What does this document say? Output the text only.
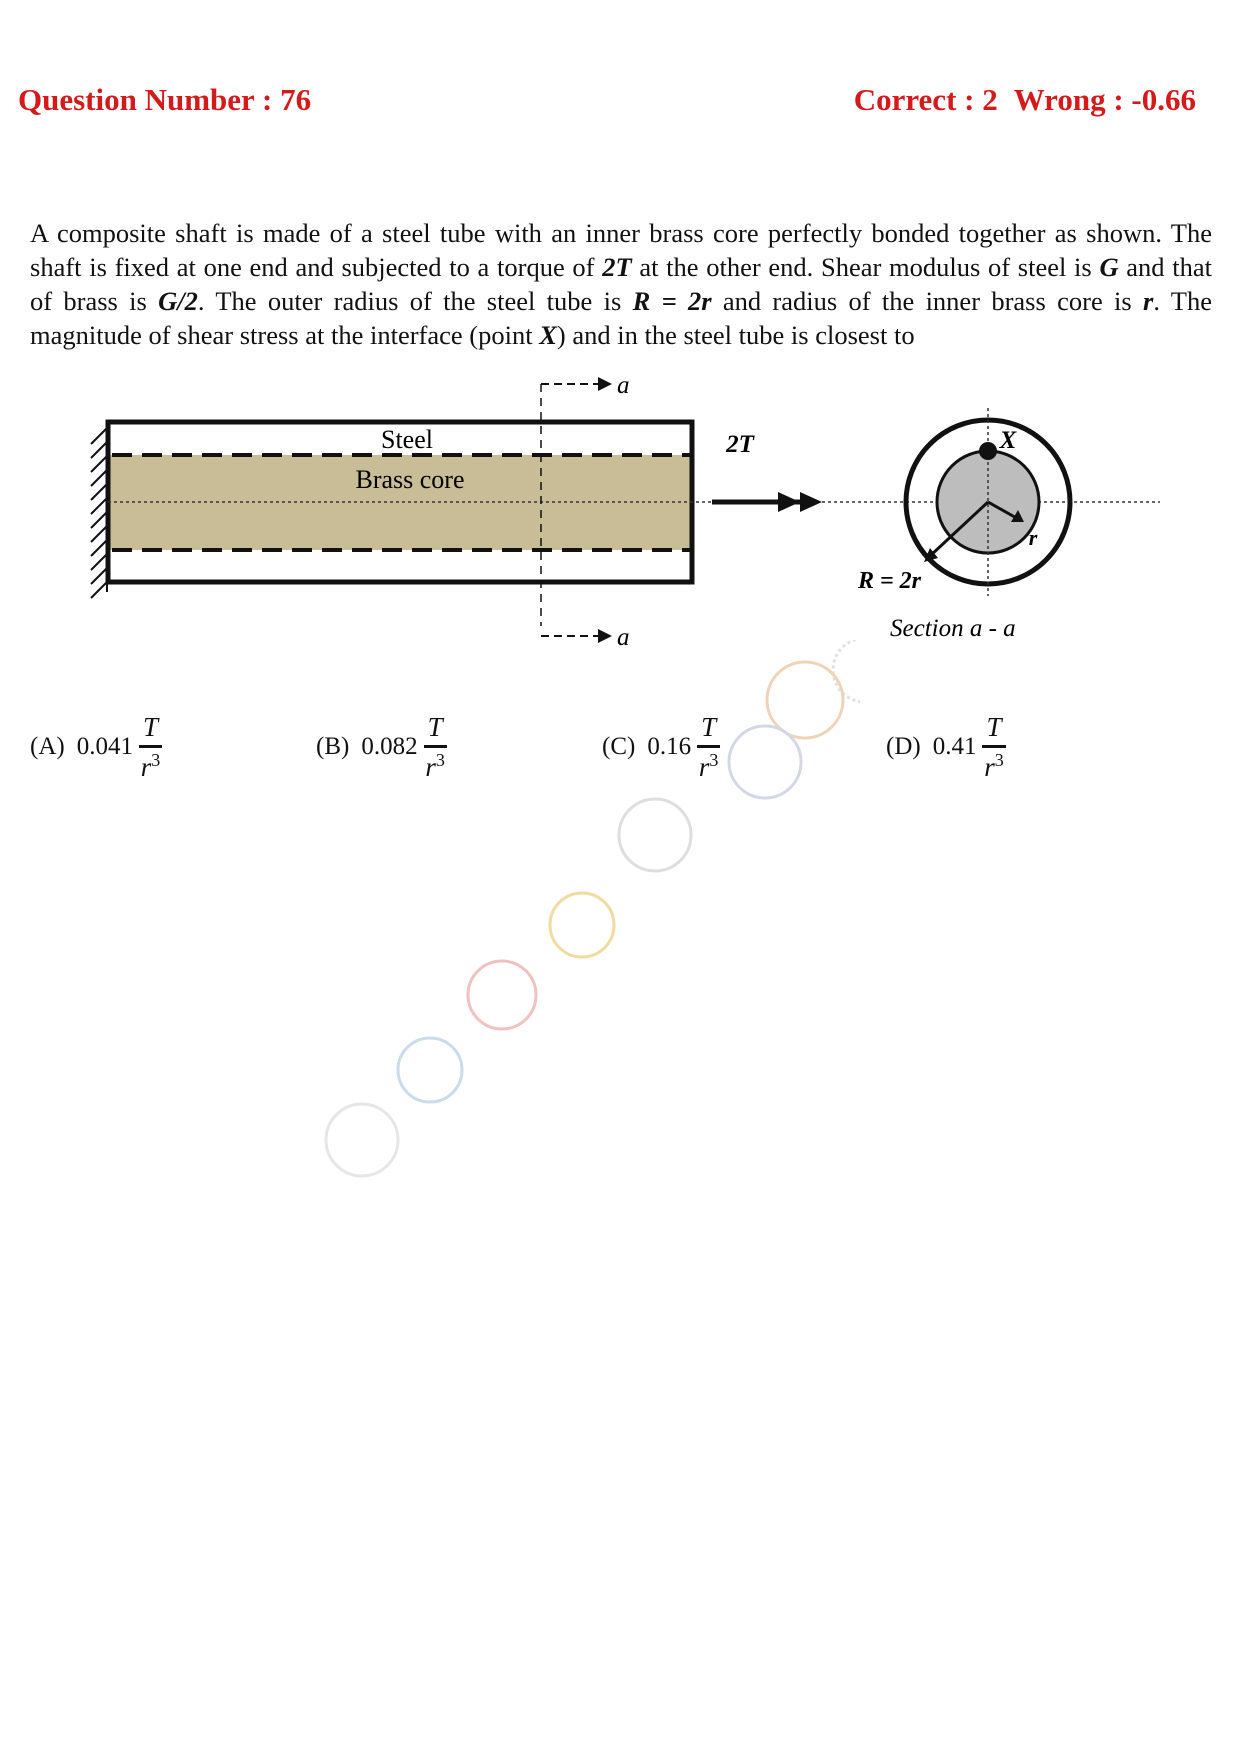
Question Number : 76	Correct : 2 Wrong : -0.66

A composite shaft is made of a steel tube with an inner brass core perfectly bonded together as shown. The shaft is fixed at one end and subjected to a torque of 2T at the other end. Shear modulus of steel is G and that of brass is G/2. The outer radius of the steel tube is R = 2r and radius of the inner brass core is r. The magnitude of shear stress at the interface (point X) and in the steel tube is closest to

Steel
Brass core
a
a
2T	X
r
R = 2r
Section a - a
(A) $0.041 \frac{T}{r^3}$	(B) $0.082 \frac{T}{r^3}$	(C) $0.16 \frac{T}{r^3}$	(D) $0.41 \frac{T}{r^3}$
